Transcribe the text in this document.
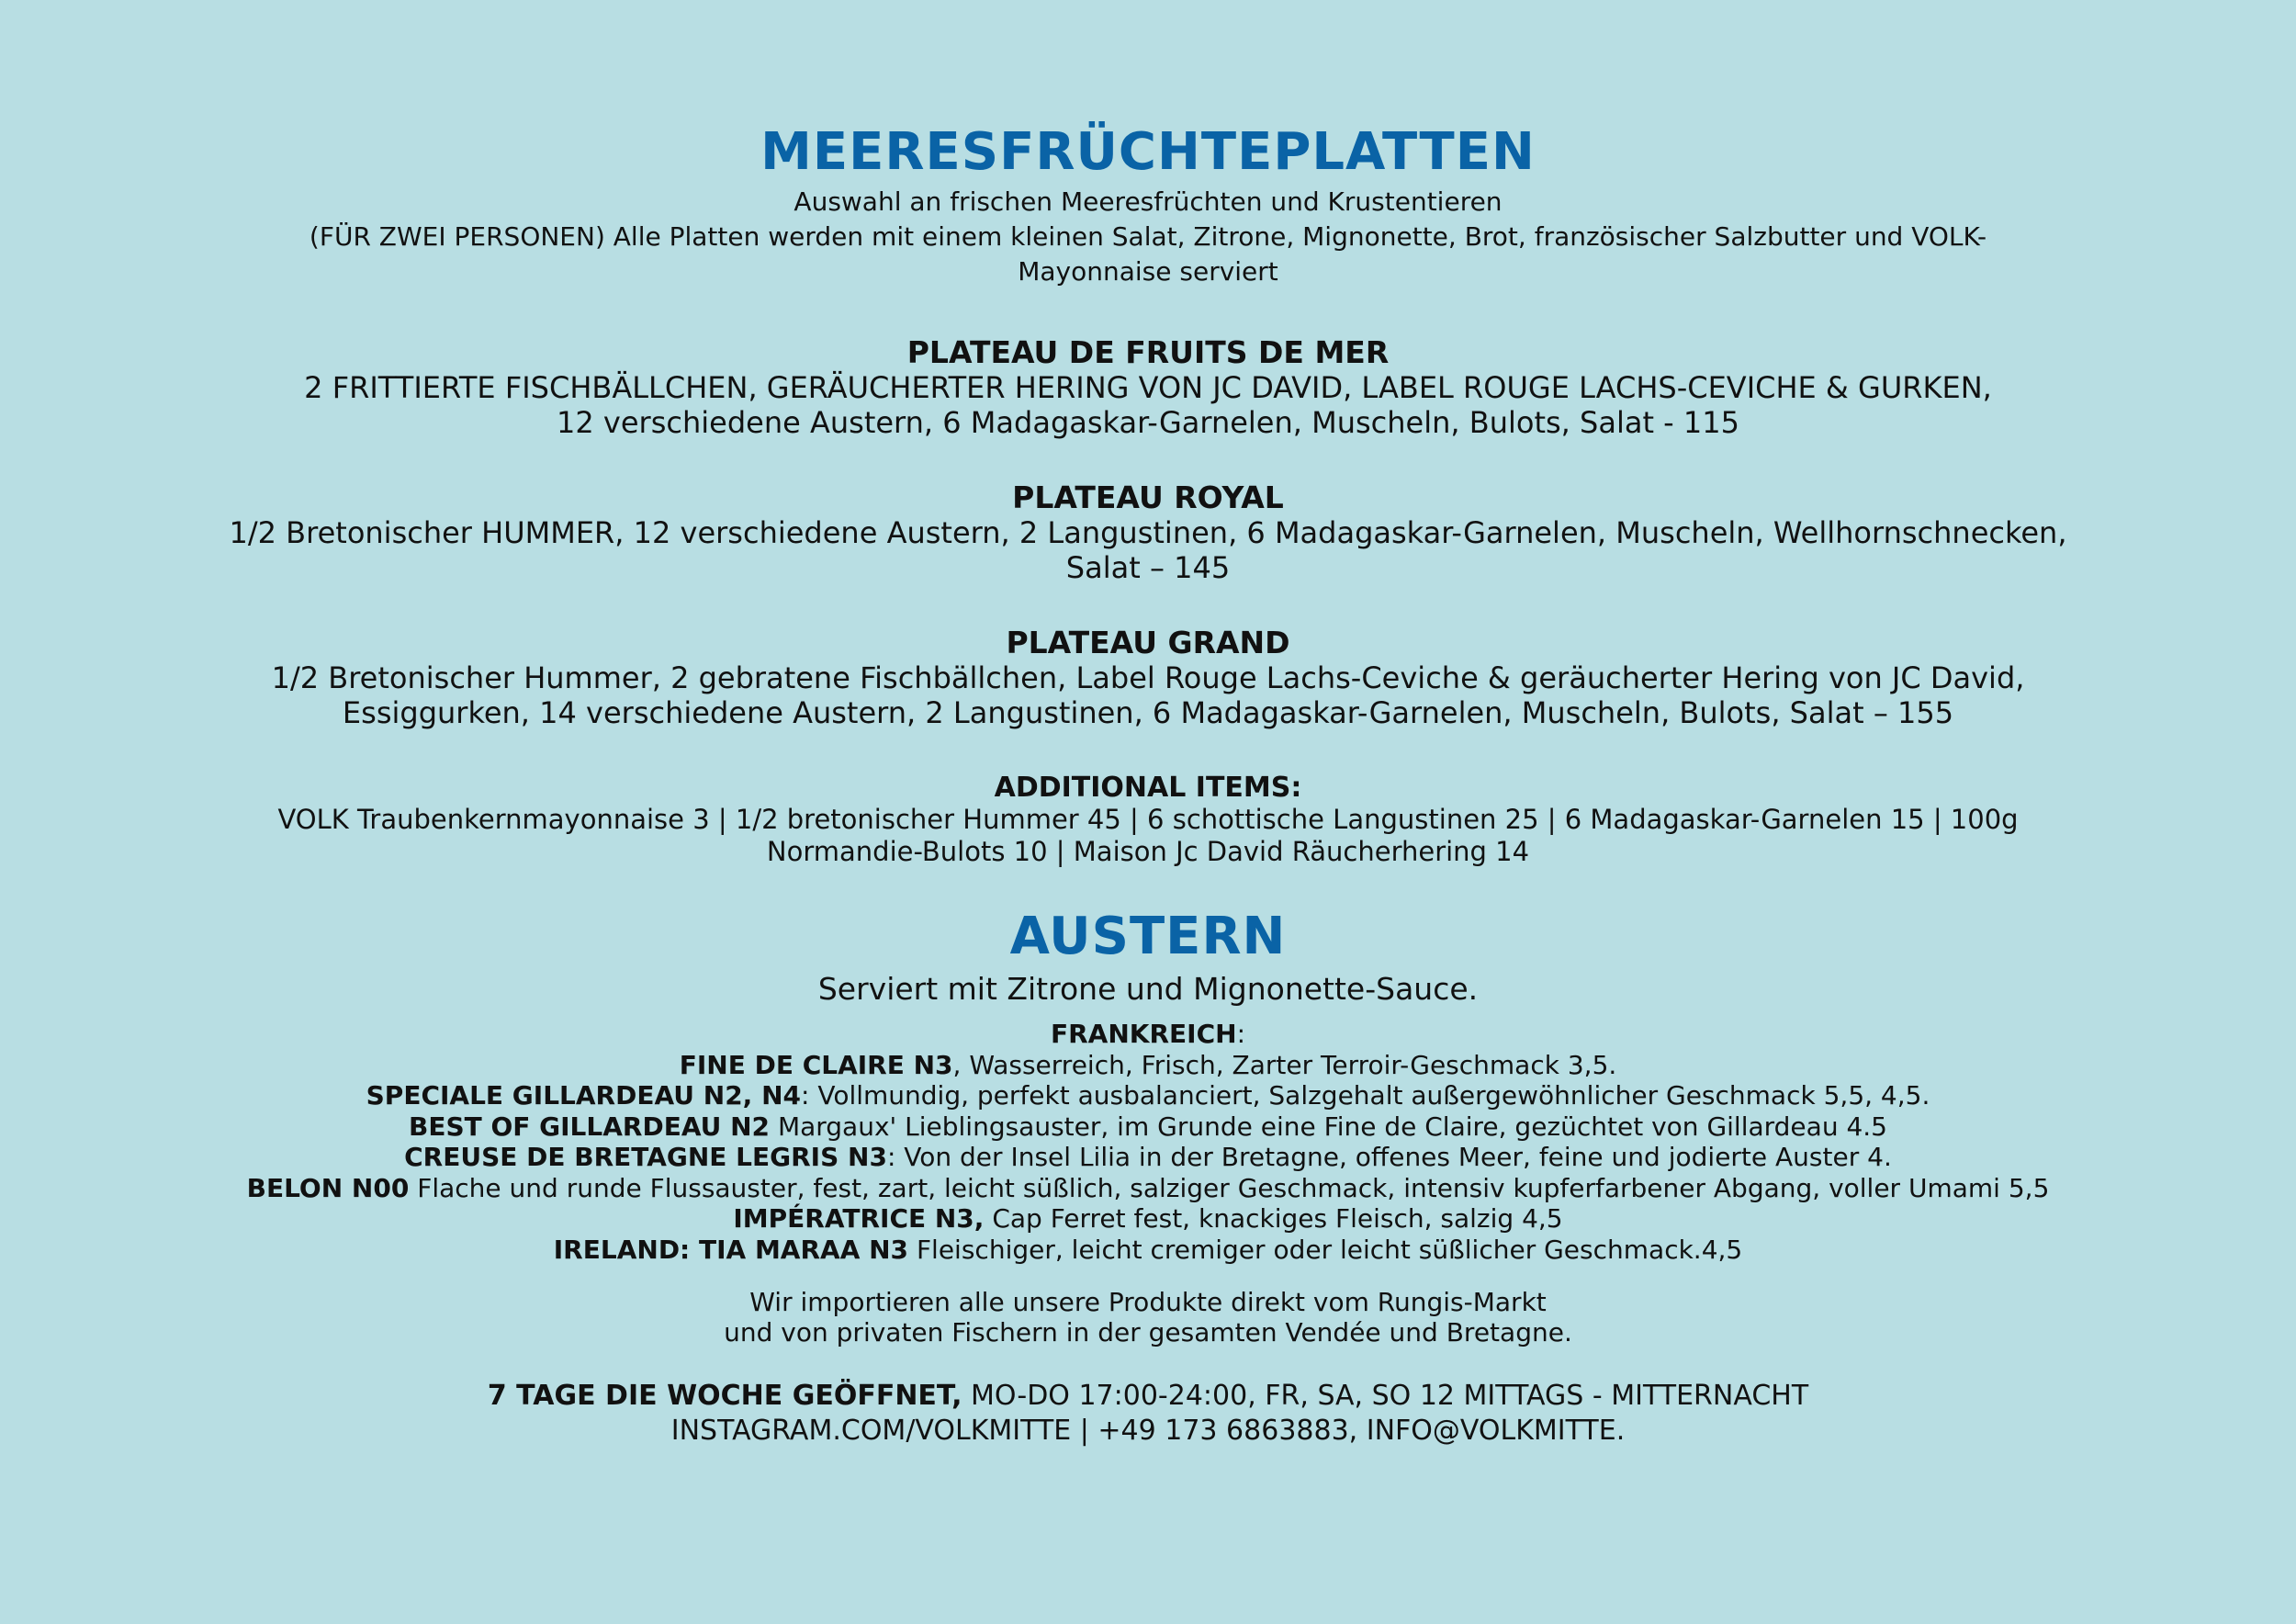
MEERESFRÜCHTEPLATTEN
Auswahl an frischen Meeresfrüchten und Krustentieren
(FÜR ZWEI PERSONEN) Alle Platten werden mit einem kleinen Salat, Zitrone, Mignonette, Brot, französischer Salzbutter und VOLK-
Mayonnaise serviert
PLATEAU DE FRUITS DE MER
2 FRITTIERTE FISCHBÄLLCHEN, GERÄUCHERTER HERING VON JC DAVID, LABEL ROUGE LACHS-CEVICHE & GURKEN,
12 verschiedene Austern, 6 Madagaskar-Garnelen, Muscheln, Bulots, Salat - 115
PLATEAU ROYAL
1/2 Bretonischer HUMMER, 12 verschiedene Austern, 2 Langustinen, 6 Madagaskar-Garnelen, Muscheln, Wellhornschnecken,
Salat – 145
PLATEAU GRAND
1/2 Bretonischer Hummer, 2 gebratene Fischbällchen, Label Rouge Lachs-Ceviche & geräucherter Hering von JC David,
Essiggurken, 14 verschiedene Austern, 2 Langustinen, 6 Madagaskar-Garnelen, Muscheln, Bulots, Salat – 155
ADDITIONAL ITEMS:
VOLK Traubenkernmayonnaise 3 | 1/2 bretonischer Hummer 45 | 6 schottische Langustinen 25 | 6 Madagaskar-Garnelen 15 | 100g
Normandie-Bulots 10 | Maison Jc David Räucherhering 14
AUSTERN
Serviert mit Zitrone und Mignonette-Sauce.
FRANKREICH:
FINE DE CLAIRE N3, Wasserreich, Frisch, Zarter Terroir-Geschmack 3,5.
SPECIALE GILLARDEAU N2, N4: Vollmundig, perfekt ausbalanciert, Salzgehalt außergewöhnlicher Geschmack 5,5, 4,5.
BEST OF GILLARDEAU N2 Margaux' Lieblingsauster, im Grunde eine Fine de Claire, gezüchtet von Gillardeau 4.5
CREUSE DE BRETAGNE LEGRIS N3: Von der Insel Lilia in der Bretagne, offenes Meer, feine und jodierte Auster 4.
BELON N00 Flache und runde Flussauster, fest, zart, leicht süßlich, salziger Geschmack, intensiv kupferfarbener Abgang, voller Umami 5,5
IMPÉRATRICE N3, Cap Ferret fest, knackiges Fleisch, salzig 4,5
IRELAND: TIA MARAA N3 Fleischiger, leicht cremiger oder leicht süßlicher Geschmack.4,5
Wir importieren alle unsere Produkte direkt vom Rungis-Markt
und von privaten Fischern in der gesamten Vendée und Bretagne.
7 TAGE DIE WOCHE GEÖFFNET, MO-DO 17:00-24:00, FR, SA, SO 12 MITTAGS - MITTERNACHT
INSTAGRAM.COM/VOLKMITTE | +49 173 6863883, INFO@VOLKMITTE.
